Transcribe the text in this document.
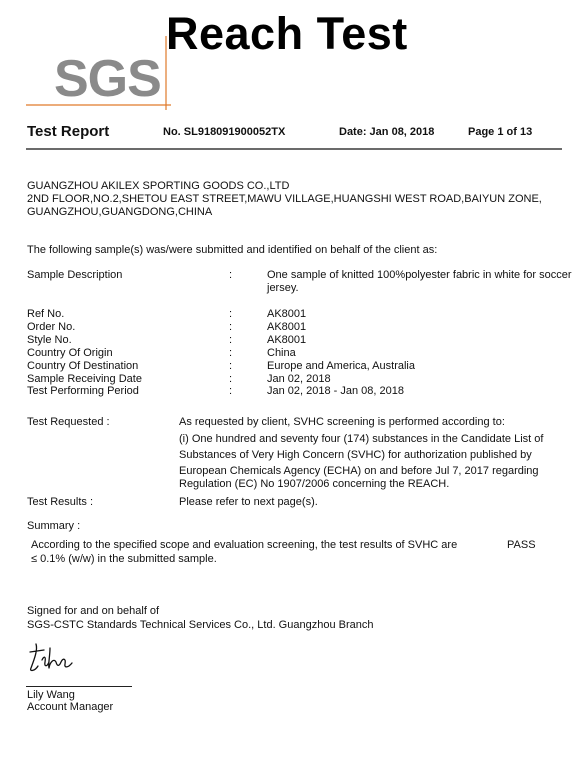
Reach Test
SGS
Test Report	No. SL918091900052TX	Date: Jan 08, 2018	Page 1 of 13
GUANGZHOU AKILEX SPORTING GOODS CO.,LTD
2ND FLOOR,NO.2,SHETOU EAST STREET,MAWU VILLAGE,HUANGSHI WEST ROAD,BAIYUN ZONE,
GUANGZHOU,GUANGDONG,CHINA
The following sample(s) was/were submitted and identified on behalf of the client as:
Sample Description	:	One sample of knitted 100%polyester fabric in white for soccer jersey.
Ref No.	:	AK8001
Order No.	:	AK8001
Style No.	:	AK8001
Country Of Origin	:	China
Country Of Destination	:	Europe and America, Australia
Sample Receiving Date	:	Jan 02, 2018
Test Performing Period	:	Jan 02, 2018 - Jan 08, 2018
Test Requested :	As requested by client, SVHC screening is performed according to:
(i) One hundred and seventy four (174) substances in the Candidate List of
Substances of Very High Concern (SVHC) for authorization published by
European Chemicals Agency (ECHA) on and before Jul 7, 2017 regarding
Regulation (EC) No 1907/2006 concerning the REACH.
Test Results :	Please refer to next page(s).
Summary :
According to the specified scope and evaluation screening, the test results of SVHC are
≤ 0.1% (w/w) in the submitted sample.
PASS
Signed for and on behalf of
SGS-CSTC Standards Technical Services Co., Ltd. Guangzhou Branch
Lily Wang
Account Manager
